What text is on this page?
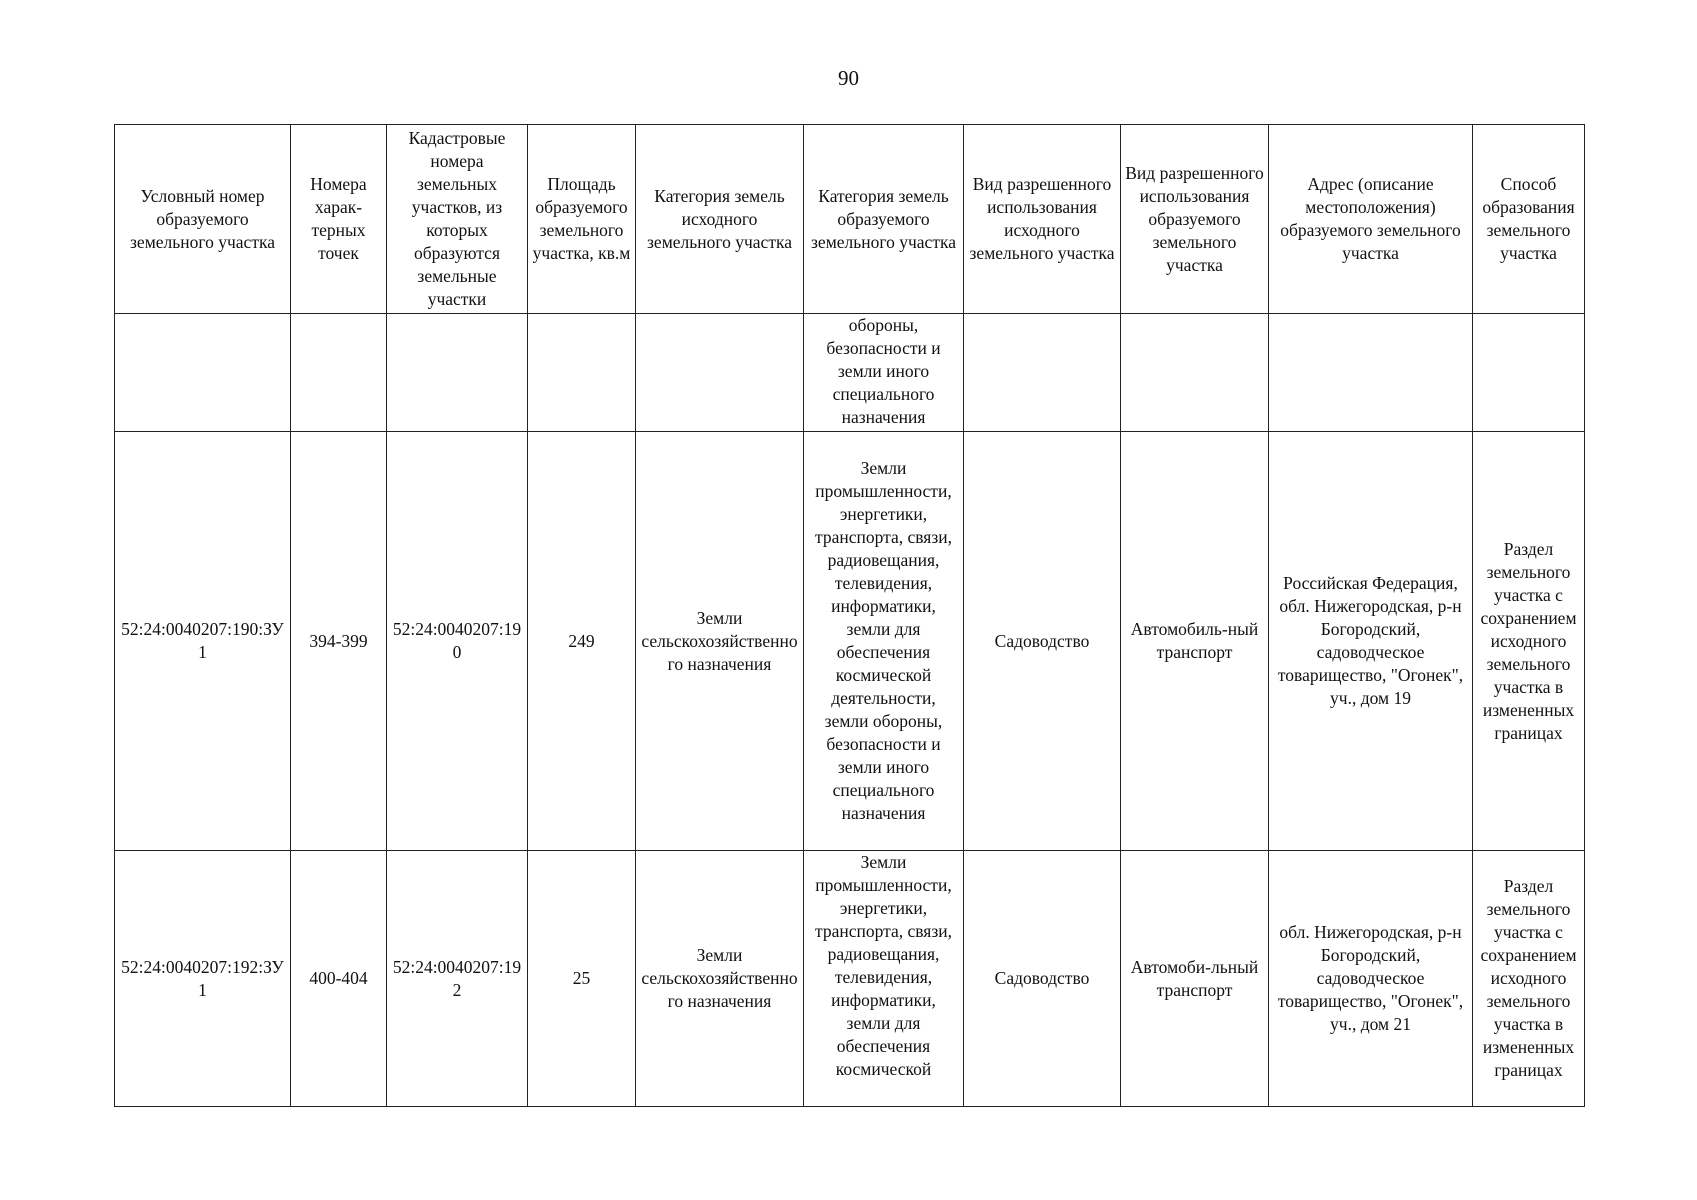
90
Условный номер образуемого земельного участка	Номера харак-терных точек	Кадастровые номера земельных участков, из которых образуются земельные участки	Площадь образуемого земельного участка, кв.м	Категория земель исходного земельного участка	Категория земель образуемого земельного участка	Вид разрешенного использования исходного земельного участка	Вид разрешенного использования образуемого земельного участка	Адрес (описание местоположения) образуемого земельного участка	Способ образования земельного участка
					обороны, безопасности и земли иного специального назначения				
52:24:0040207:190:ЗУ1	394-399	52:24:0040207:190	249	Земли сельскохозяйственного назначения	Земли промышленности, энергетики, транспорта, связи, радиовещания, телевидения, информатики, земли для обеспечения космической деятельности, земли обороны, безопасности и земли иного специального назначения	Садоводство	Автомобиль-ный транспорт	Российская Федерация, обл. Нижегородская, р-н Богородский, садоводческое товарищество, "Огонек", уч., дом 19	Раздел земельного участка с сохранением исходного земельного участка в измененных границах
52:24:0040207:192:ЗУ1	400-404	52:24:0040207:192	25	Земли сельскохозяйственного назначения	Земли промышленности, энергетики, транспорта, связи, радиовещания, телевидения, информатики, земли для обеспечения космической	Садоводство	Автомоби-льный транспорт	обл. Нижегородская, р-н Богородский, садоводческое товарищество, "Огонек", уч., дом 21	Раздел земельного участка с сохранением исходного земельного участка в измененных границах
